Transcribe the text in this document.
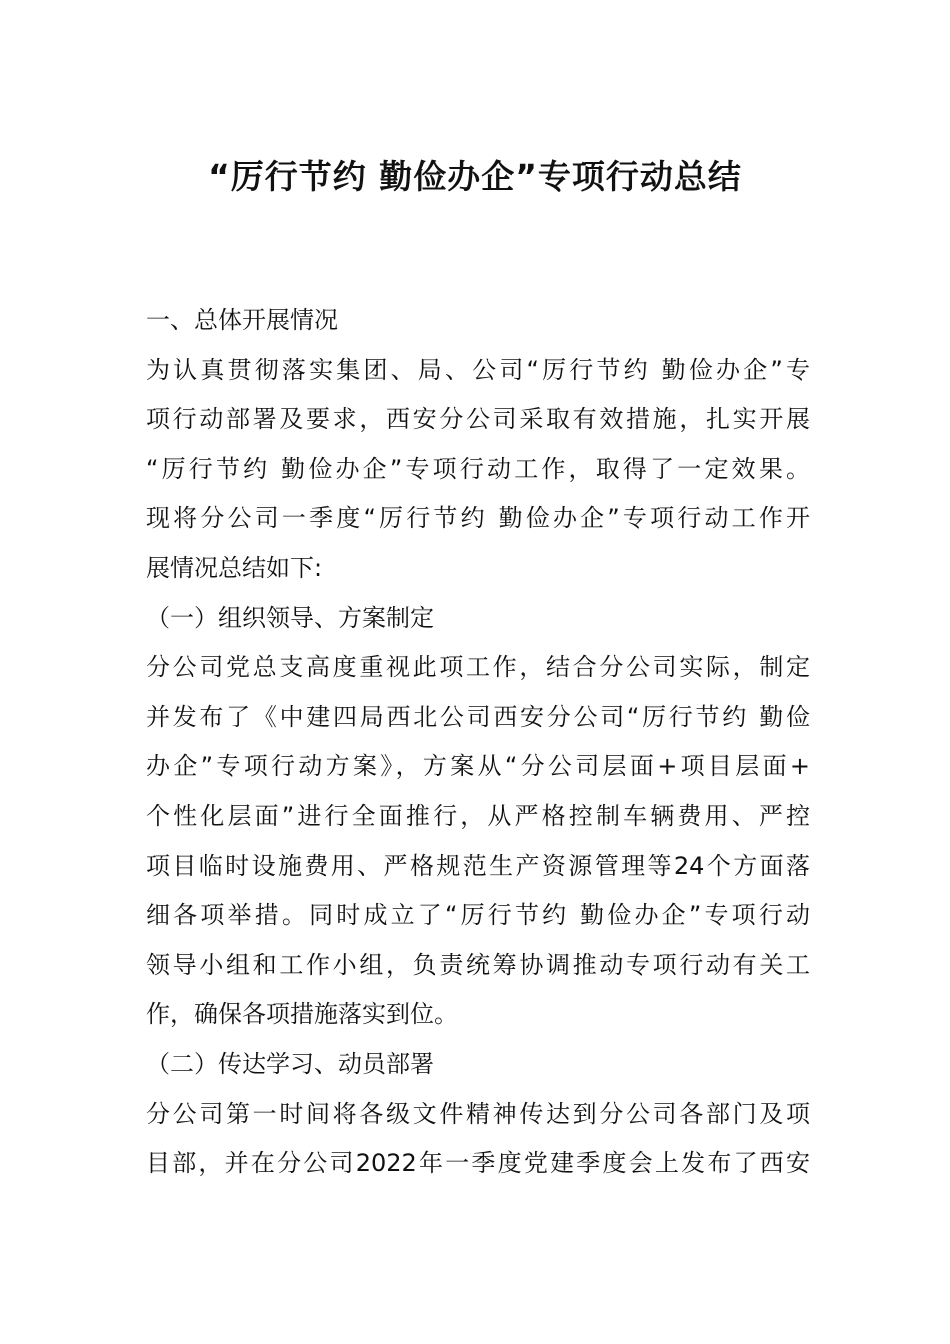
“厉行节约 勤俭办企”专项行动总结
一、总体开展情况
为认真贯彻落实集团、局、公司“厉行节约 勤俭办企”专
项行动部署及要求，西安分公司采取有效措施，扎实开展
“厉行节约 勤俭办企”专项行动工作，取得了一定效果。
现将分公司一季度“厉行节约 勤俭办企”专项行动工作开
展情况总结如下:
（一）组织领导、方案制定
分公司党总支高度重视此项工作，结合分公司实际，制定
并发布了《中建四局西北公司西安分公司“厉行节约 勤俭
办企”专项行动方案》，方案从“分公司层面+项目层面+
个性化层面”进行全面推行，从严格控制车辆费用、严控
项目临时设施费用、严格规范生产资源管理等24个方面落
细各项举措。同时成立了“厉行节约 勤俭办企”专项行动
领导小组和工作小组，负责统筹协调推动专项行动有关工
作，确保各项措施落实到位。
（二）传达学习、动员部署
分公司第一时间将各级文件精神传达到分公司各部门及项
目部，并在分公司2022年一季度党建季度会上发布了西安
